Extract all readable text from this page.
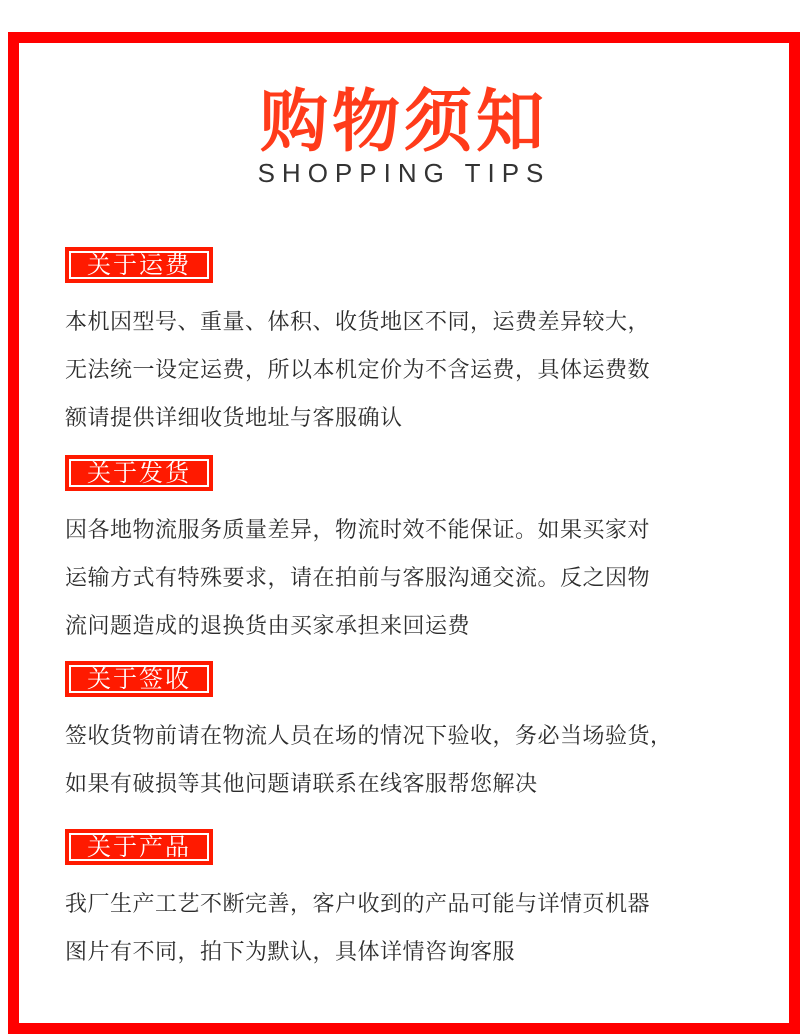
购物须知
SHOPPING TIPS
关于运费
本机因型号、重量、体积、收货地区不同，运费差异较大，
无法统一设定运费，所以本机定价为不含运费，具体运费数
额请提供详细收货地址与客服确认
关于发货
因各地物流服务质量差异，物流时效不能保证。如果买家对
运输方式有特殊要求，请在拍前与客服沟通交流。反之因物
流问题造成的退换货由买家承担来回运费
关于签收
签收货物前请在物流人员在场的情况下验收，务必当场验货，
如果有破损等其他问题请联系在线客服帮您解决
关于产品
我厂生产工艺不断完善，客户收到的产品可能与详情页机器
图片有不同，拍下为默认，具体详情咨询客服
